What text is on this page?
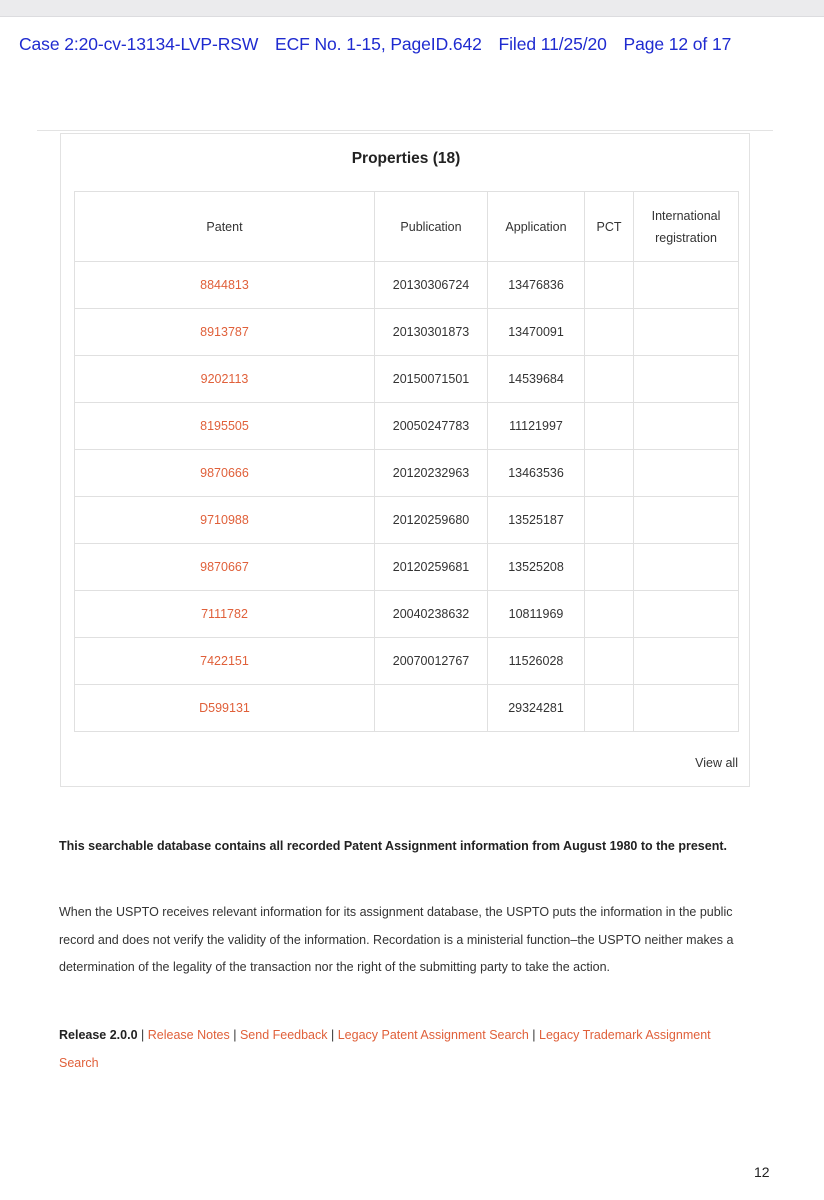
Case 2:20-cv-13134-LVP-RSW ECF No. 1-15, PageID.642 Filed 11/25/20 Page 12 of 17
Properties (18)
Patent	Publication	Application	PCT	International
registration
8844813	20130306724	13476836		
8913787	20130301873	13470091		
9202113	20150071501	14539684		
8195505	20050247783	11121997		
9870666	20120232963	13463536		
9710988	20120259680	13525187		
9870667	20120259681	13525208		
7111782	20040238632	10811969		
7422151	20070012767	11526028		
D599131		29324281		
View all
This searchable database contains all recorded Patent Assignment information from August 1980 to the present.
When the USPTO receives relevant information for its assignment database, the USPTO puts the information in the public record and does not verify the validity of the information. Recordation is a ministerial function–the USPTO neither makes a determination of the legality of the transaction nor the right of the submitting party to take the action.
Release 2.0.0 | Release Notes | Send Feedback | Legacy Patent Assignment Search | Legacy Trademark Assignment Search
12
